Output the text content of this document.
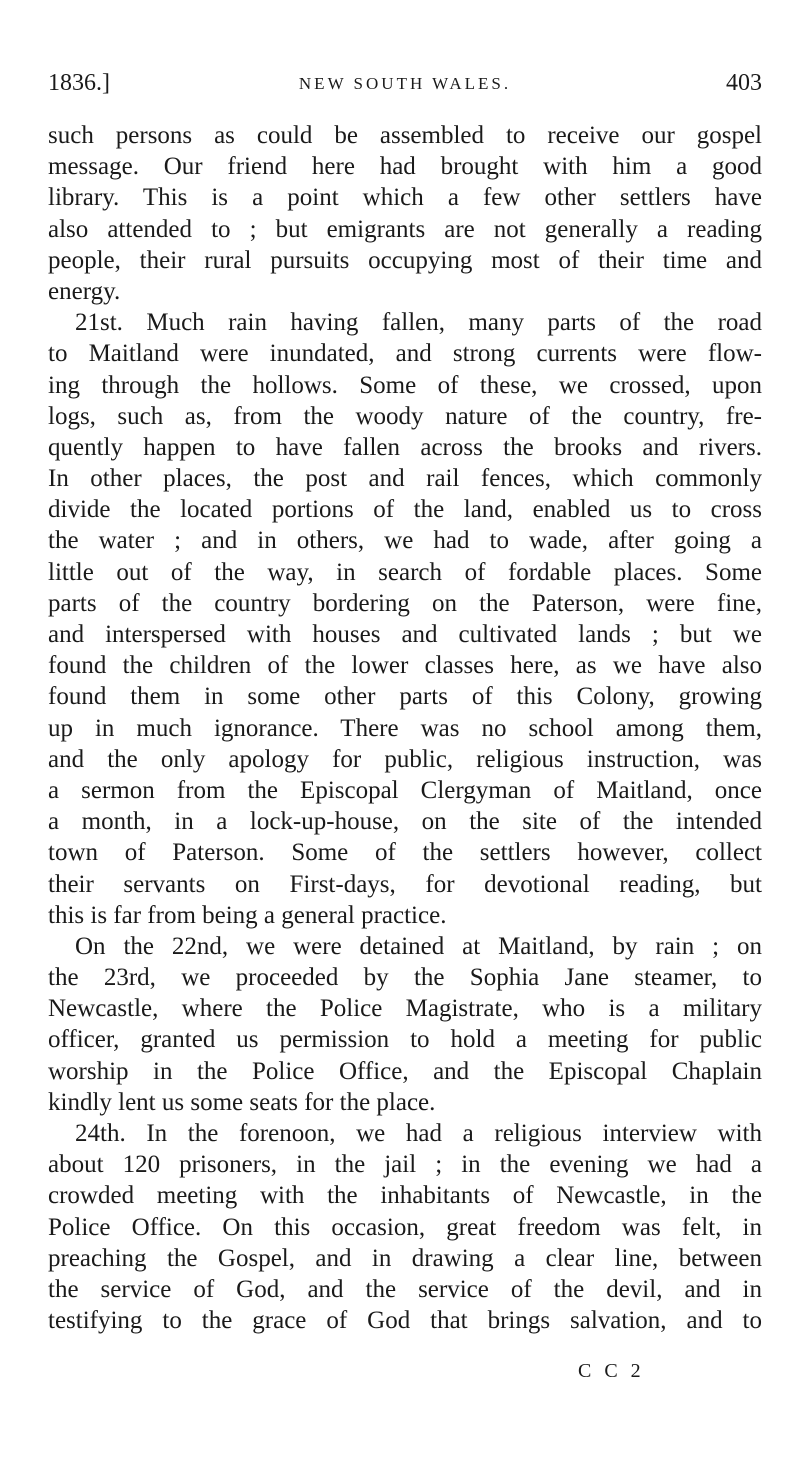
1836.]	NEW SOUTH WALES.	403
such persons as could be assembled to receive our gospel
message. Our friend here had brought with him a good
library. This is a point which a few other settlers have
also attended to ; but emigrants are not generally a reading
people, their rural pursuits occupying most of their time and
energy.
21st. Much rain having fallen, many parts of the road
to Maitland were inundated, and strong currents were flow-
ing through the hollows. Some of these, we crossed, upon
logs, such as, from the woody nature of the country, fre-
quently happen to have fallen across the brooks and rivers.
In other places, the post and rail fences, which commonly
divide the located portions of the land, enabled us to cross
the water ; and in others, we had to wade, after going a
little out of the way, in search of fordable places. Some
parts of the country bordering on the Paterson, were fine,
and interspersed with houses and cultivated lands ; but we
found the children of the lower classes here, as we have also
found them in some other parts of this Colony, growing
up in much ignorance. There was no school among them,
and the only apology for public, religious instruction, was
a sermon from the Episcopal Clergyman of Maitland, once
a month, in a lock-up-house, on the site of the intended
town of Paterson. Some of the settlers however, collect
their servants on First-days, for devotional reading, but
this is far from being a general practice.
On the 22nd, we were detained at Maitland, by rain ; on
the 23rd, we proceeded by the Sophia Jane steamer, to
Newcastle, where the Police Magistrate, who is a military
officer, granted us permission to hold a meeting for public
worship in the Police Office, and the Episcopal Chaplain
kindly lent us some seats for the place.
24th. In the forenoon, we had a religious interview with
about 120 prisoners, in the jail ; in the evening we had a
crowded meeting with the inhabitants of Newcastle, in the
Police Office. On this occasion, great freedom was felt, in
preaching the Gospel, and in drawing a clear line, between
the service of God, and the service of the devil, and in
testifying to the grace of God that brings salvation, and to
C C 2
